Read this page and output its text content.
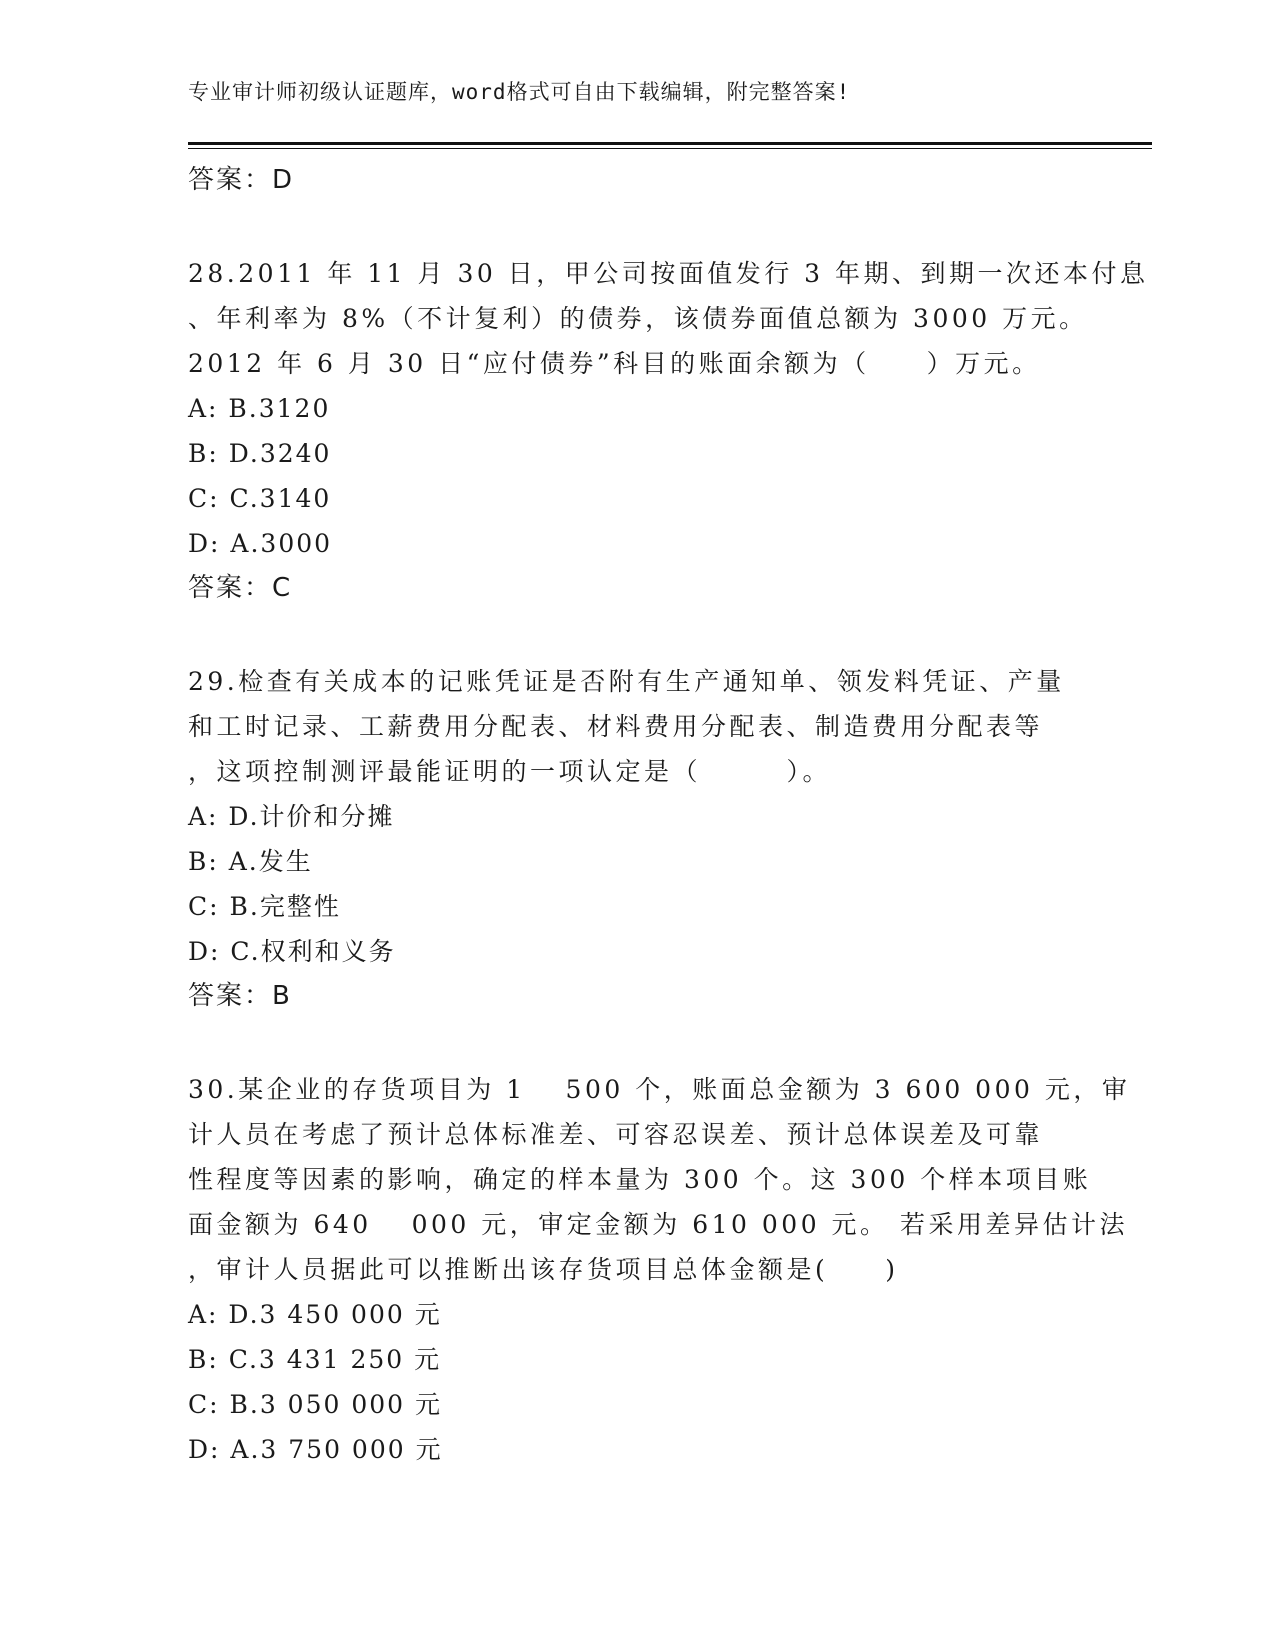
专业审计师初级认证题库，word格式可自由下载编辑，附完整答案!
答案：D
28.2011 年 11 月 30 日，甲公司按面值发行 3 年期、到期一次还本付息
、年利率为 8%（不计复利）的债券，该债券面值总额为 3000 万元。
2012 年 6 月 30 日“应付债券”科目的账面余额为（　　）万元。
A: B.3120
B: D.3240
C: C.3140
D: A.3000
答案：C
29.检查有关成本的记账凭证是否附有生产通知单、领发料凭证、产量
和工时记录、工薪费用分配表、材料费用分配表、制造费用分配表等
，这项控制测评最能证明的一项认定是（　　　）。
A: D.计价和分摊
B: A.发生
C: B.完整性
D: C.权利和义务
答案：B
30.某企业的存货项目为 1　 500 个，账面总金额为 3 600 000 元，审
计人员在考虑了预计总体标准差、可容忍误差、预计总体误差及可靠
性程度等因素的影响，确定的样本量为 300 个。这 300 个样本项目账
面金额为 640　 000 元，审定金额为 610 000 元。 若采用差异估计法
，审计人员据此可以推断出该存货项目总体金额是(　　)
A: D.3 450 000 元
B: C.3 431 250 元
C: B.3 050 000 元
D: A.3 750 000 元
